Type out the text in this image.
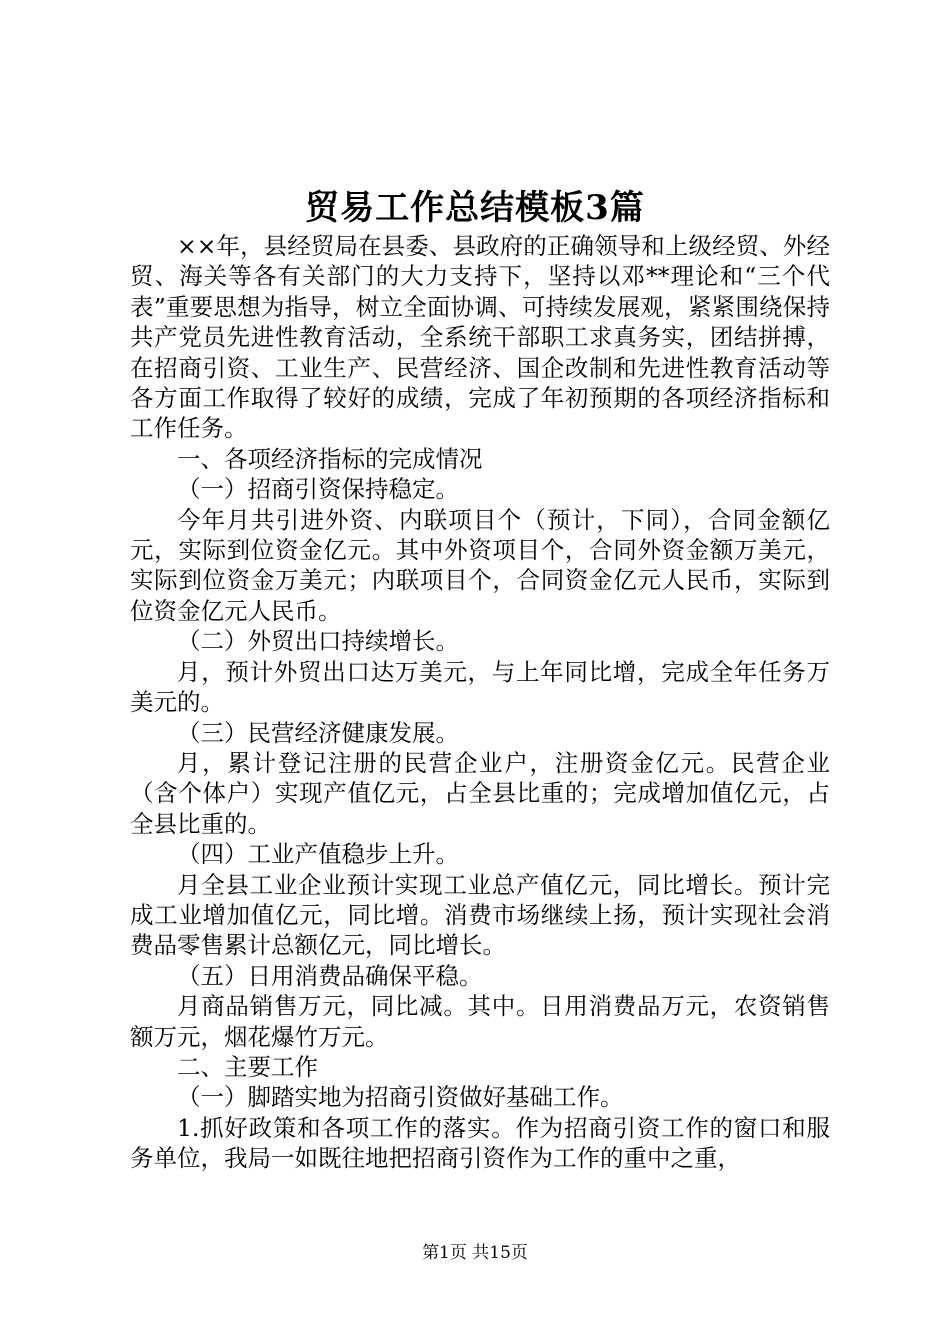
贸易工作总结模板3篇

××年，县经贸局在县委、县政府的正确领导和上级经贸、外经贸、海关等各有关部门的大力支持下，坚持以邓**理论和“三个代表”重要思想为指导，树立全面协调、可持续发展观，紧紧围绕保持共产党员先进性教育活动，全系统干部职工求真务实，团结拼搏，在招商引资、工业生产、民营经济、国企改制和先进性教育活动等各方面工作取得了较好的成绩，完成了年初预期的各项经济指标和工作任务。

一、各项经济指标的完成情况

（一）招商引资保持稳定。

今年月共引进外资、内联项目个（预计，下同），合同金额亿元，实际到位资金亿元。其中外资项目个，合同外资金额万美元，实际到位资金万美元；内联项目个，合同资金亿元人民币，实际到位资金亿元人民币。

（二）外贸出口持续增长。

月，预计外贸出口达万美元，与上年同比增，完成全年任务万美元的。

（三）民营经济健康发展。

月，累计登记注册的民营企业户，注册资金亿元。民营企业（含个体户）实现产值亿元，占全县比重的；完成增加值亿元，占全县比重的。

（四）工业产值稳步上升。

月全县工业企业预计实现工业总产值亿元，同比增长。预计完成工业增加值亿元，同比增。消费市场继续上扬，预计实现社会消费品零售累计总额亿元，同比增长。

（五）日用消费品确保平稳。

月商品销售万元，同比减。其中。日用消费品万元，农资销售额万元，烟花爆竹万元。

二、主要工作

（一）脚踏实地为招商引资做好基础工作。

1.抓好政策和各项工作的落实。作为招商引资工作的窗口和服务单位，我局一如既往地把招商引资作为工作的重中之重，

第1页 共15页
